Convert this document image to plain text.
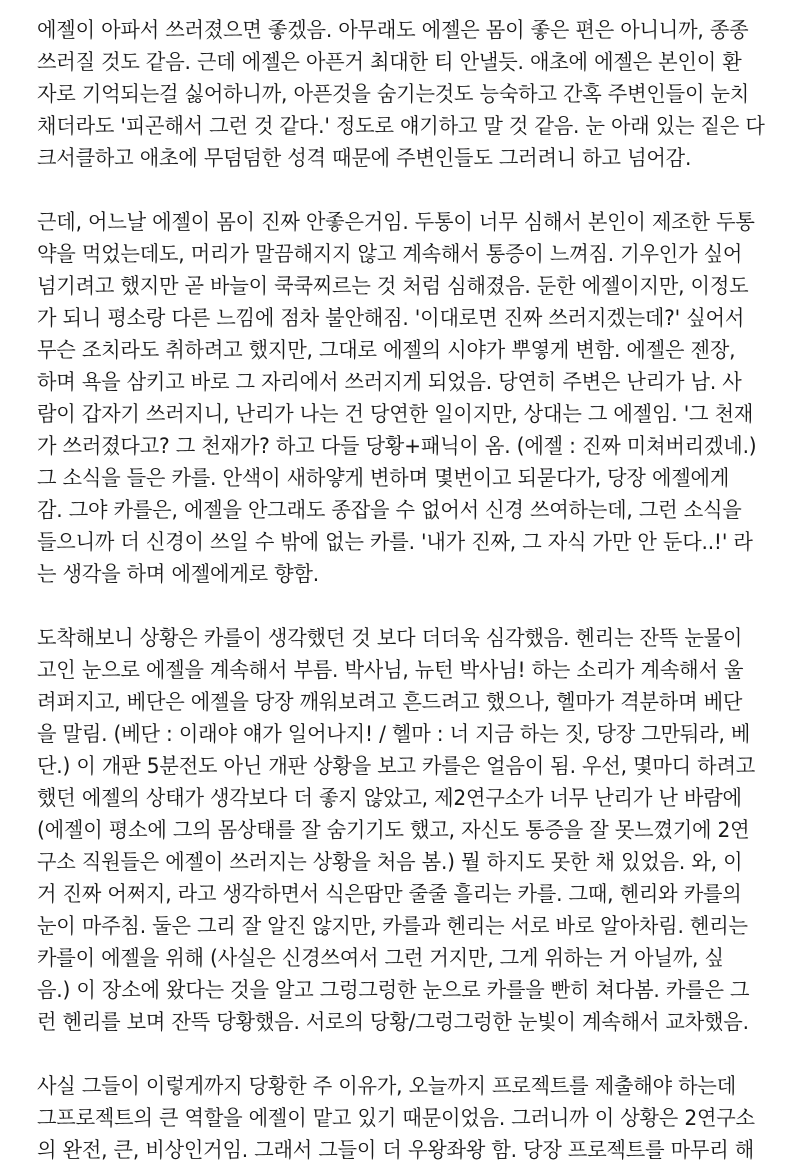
에젤이 아파서 쓰러졌으면 좋겠음. 아무래도 에젤은 몸이 좋은 편은 아니니까, 종종
쓰러질 것도 같음. 근데 에젤은 아픈거 최대한 티 안낼듯. 애초에 에젤은 본인이 환
자로 기억되는걸 싫어하니까, 아픈것을 숨기는것도 능숙하고 간혹 주변인들이 눈치
채더라도 '피곤해서 그런 것 같다.' 정도로 얘기하고 말 것 같음. 눈 아래 있는 짙은 다
크서클하고 애초에 무덤덤한 성격 때문에 주변인들도 그러려니 하고 넘어감.
근데, 어느날 에젤이 몸이 진짜 안좋은거임. 두통이 너무 심해서 본인이 제조한 두통
약을 먹었는데도, 머리가 말끔해지지 않고 계속해서 통증이 느껴짐. 기우인가 싶어
넘기려고 했지만 곧 바늘이 쿡쿡찌르는 것 처럼 심해졌음. 둔한 에젤이지만, 이정도
가 되니 평소랑 다른 느낌에 점차 불안해짐. '이대로면 진짜 쓰러지겠는데?' 싶어서
무슨 조치라도 취하려고 했지만, 그대로 에젤의 시야가 뿌옇게 변함. 에젤은 젠장,
하며 욕을 삼키고 바로 그 자리에서 쓰러지게 되었음. 당연히 주변은 난리가 남. 사
람이 갑자기 쓰러지니, 난리가 나는 건 당연한 일이지만, 상대는 그 에젤임. '그 천재
가 쓰러졌다고? 그 천재가? 하고 다들 당황+패닉이 옴. (에젤 : 진짜 미쳐버리겠네.)
그 소식을 들은 카를. 안색이 새하얗게 변하며 몇번이고 되묻다가, 당장 에젤에게
감. 그야 카를은, 에젤을 안그래도 종잡을 수 없어서 신경 쓰여하는데, 그런 소식을
들으니까 더 신경이 쓰일 수 밖에 없는 카를. '내가 진짜, 그 자식 가만 안 둔다..!' 라
는 생각을 하며 에젤에게로 향함.
도착해보니 상황은 카를이 생각했던 것 보다 더더욱 심각했음. 헨리는 잔뜩 눈물이
고인 눈으로 에젤을 계속해서 부름. 박사님, 뉴턴 박사님! 하는 소리가 계속해서 울
려퍼지고, 베단은 에젤을 당장 깨워보려고 흔드려고 했으나, 헬마가 격분하며 베단
을 말림. (베단 : 이래야 얘가 일어나지! / 헬마 : 너 지금 하는 짓, 당장 그만둬라, 베
단.) 이 개판 5분전도 아닌 개판 상황을 보고 카를은 얼음이 됨. 우선, 몇마디 하려고
했던 에젤의 상태가 생각보다 더 좋지 않았고, 제2연구소가 너무 난리가 난 바람에
(에젤이 평소에 그의 몸상태를 잘 숨기기도 했고, 자신도 통증을 잘 못느꼈기에 2연
구소 직원들은 에젤이 쓰러지는 상황을 처음 봄.) 뭘 하지도 못한 채 있었음. 와, 이
거 진짜 어쩌지, 라고 생각하면서 식은땀만 줄줄 흘리는 카를. 그때, 헨리와 카를의
눈이 마주침. 둘은 그리 잘 알진 않지만, 카를과 헨리는 서로 바로 알아차림. 헨리는
카를이 에젤을 위해 (사실은 신경쓰여서 그런 거지만, 그게 위하는 거 아닐까, 싶
음.) 이 장소에 왔다는 것을 알고 그렁그렁한 눈으로 카를을 빤히 쳐다봄. 카를은 그
런 헨리를 보며 잔뜩 당황했음. 서로의 당황/그렁그렁한 눈빛이 계속해서 교차했음.
사실 그들이 이렇게까지 당황한 주 이유가, 오늘까지 프로젝트를 제출해야 하는데
그프로젝트의 큰 역할을 에젤이 맡고 있기 때문이었음. 그러니까 이 상황은 2연구소
의 완전, 큰, 비상인거임. 그래서 그들이 더 우왕좌왕 함. 당장 프로젝트를 마무리 해
